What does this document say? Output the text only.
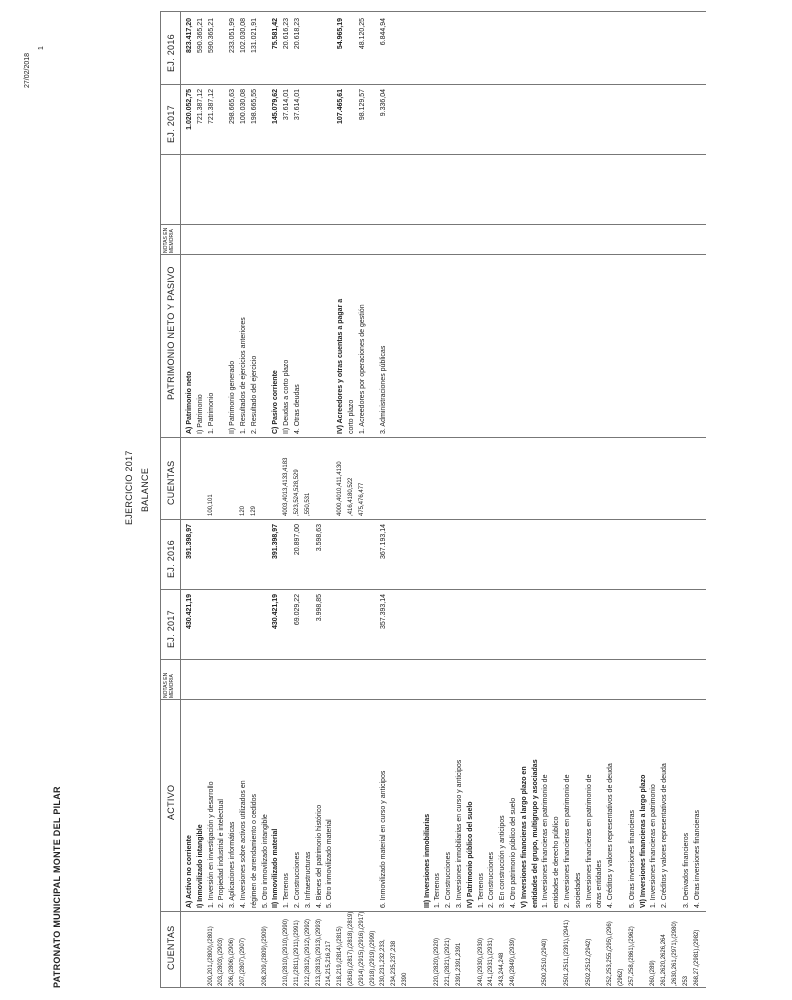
PATRONATO MUNICIPAL MONTE DEL PILAR
27/02/2018
1
EJERCICIO 2017 BALANCE
CUENTAS
ACTIVO
NOTAS EN MEMORIA
EJ. 2017
EJ. 2016
CUENTAS
PATRIMONIO NETO Y PASIVO
NOTAS EN MEMORIA
EJ. 2017
EJ. 2016
A) Activo no corriente
430.421,19
391.398,97
I) Inmovilizado intangible
200,201,(2800),(2801)
1. Inversión en investigación y desarrollo
203,(2803),(2903)
2. Propiedad industrial e intelectual
206,(2806),(2906)
3. Aplicaciones informáticas
207,(2807),(2907)
4. Inversiones sobre activos utilizados en régimen de arrendamiento o cedidos
208,209,(2809),(2909)
5. Otro inmovilizado intangible II) Inmovilizado material
430.421,19
391.398,97
210,(2810),(2910),(2990)
1. Terrenos
211,(2811),(2911),(2991)
2. Construcciones
69.029,22
20.897,00
212,(2812),(2912),(2992)
3. Infraestructuras
213,(2813),(2913),(2993)
4. Bienes del patrimonio histórico
3.998,85
3.598,63
214,215,216,217
5. Otro inmovilizado material
218,219,(2814),(2815) (2816),(2817),(2818),(2819) (2914),(2915),(2916),(2917) (2918),(2919),(2999) 230,231,232,233,
6. Inmovilizado material en curso y anticipos
357.393,14
367.193,14
234,235,237,238 2390
III) Inversiones inmobiliarias
220,(2820),(2920)
1. Terrenos
221,(2821),(2921)
2. Construcciones
2391,2391,2391
3. Inversiones inmobiliarias en curso y anticipos IV) Patrimonio público del suelo
240,(2930),(2930)
1. Terrenos
241,(2931),(2931)
2. Construcciones
243,244,248
3. En construcción y anticipos
249,(2849),(2939)
4. Otro patrimonio público del suelo V) Inversiones financieras a largo plazo en entidades del grupo, multigrupo y asociadas
2500,2510,(2940)
1. Inversiones financieras en patrimonio de entidades de derecho público
2501,2511,(2391),(2941)
2. Inversiones financieras en patrimonio de sociedades
2502,2512,(2942)
3. Inversiones financieras en patrimonio de otras entidades
252,253,255,(295),(296)
4. Créditos y valores representativos de deuda
(2962) 257,258,(2861),(2962)
5. Otras inversiones financieras VI) Inversiones financieras a largo plazo
260,(289)
1. Inversiones financieras en patrimonio
261,2620,2626,264
2. Créditos y valores representativos de deuda
,2630,261,(2971),(2980) 253
3. Derivados financieros
268,27,(2981),(2982)
4. Otras inversiones financieras
A) Patrimonio neto
1.020.052,75
823.417,20
I) Patrimonio
721.387,12
590.365,21
100,101
1. Patrimonio
721.387,12
590.365,21
II) Patrimonio generado
298.665,63
233.051,99
120
1. Resultados de ejercicios anteriores
100.030,08
102.030,08
129
2. Resultado del ejercicio
198.665,55
131.021,91
C) Pasivo corriente
145.079,62
75.581,42
4003,4013,4133,4183
II) Deudas a corto plazo
37.614,01
20.616,23
,523,524,528,529
4. Otras deudas
37.614,01
20.618,23
,550,531	4000,4010,411,4130
IV) Acreedores y otras cuentas a pagar a
107.465,61
54.965,19
,416,4180,522
corto plazo
475,476,477
1. Acreedores por operaciones de gestión
98.129,57
48.120,25
3. Administraciones públicas
9.336,04
6.844,94
